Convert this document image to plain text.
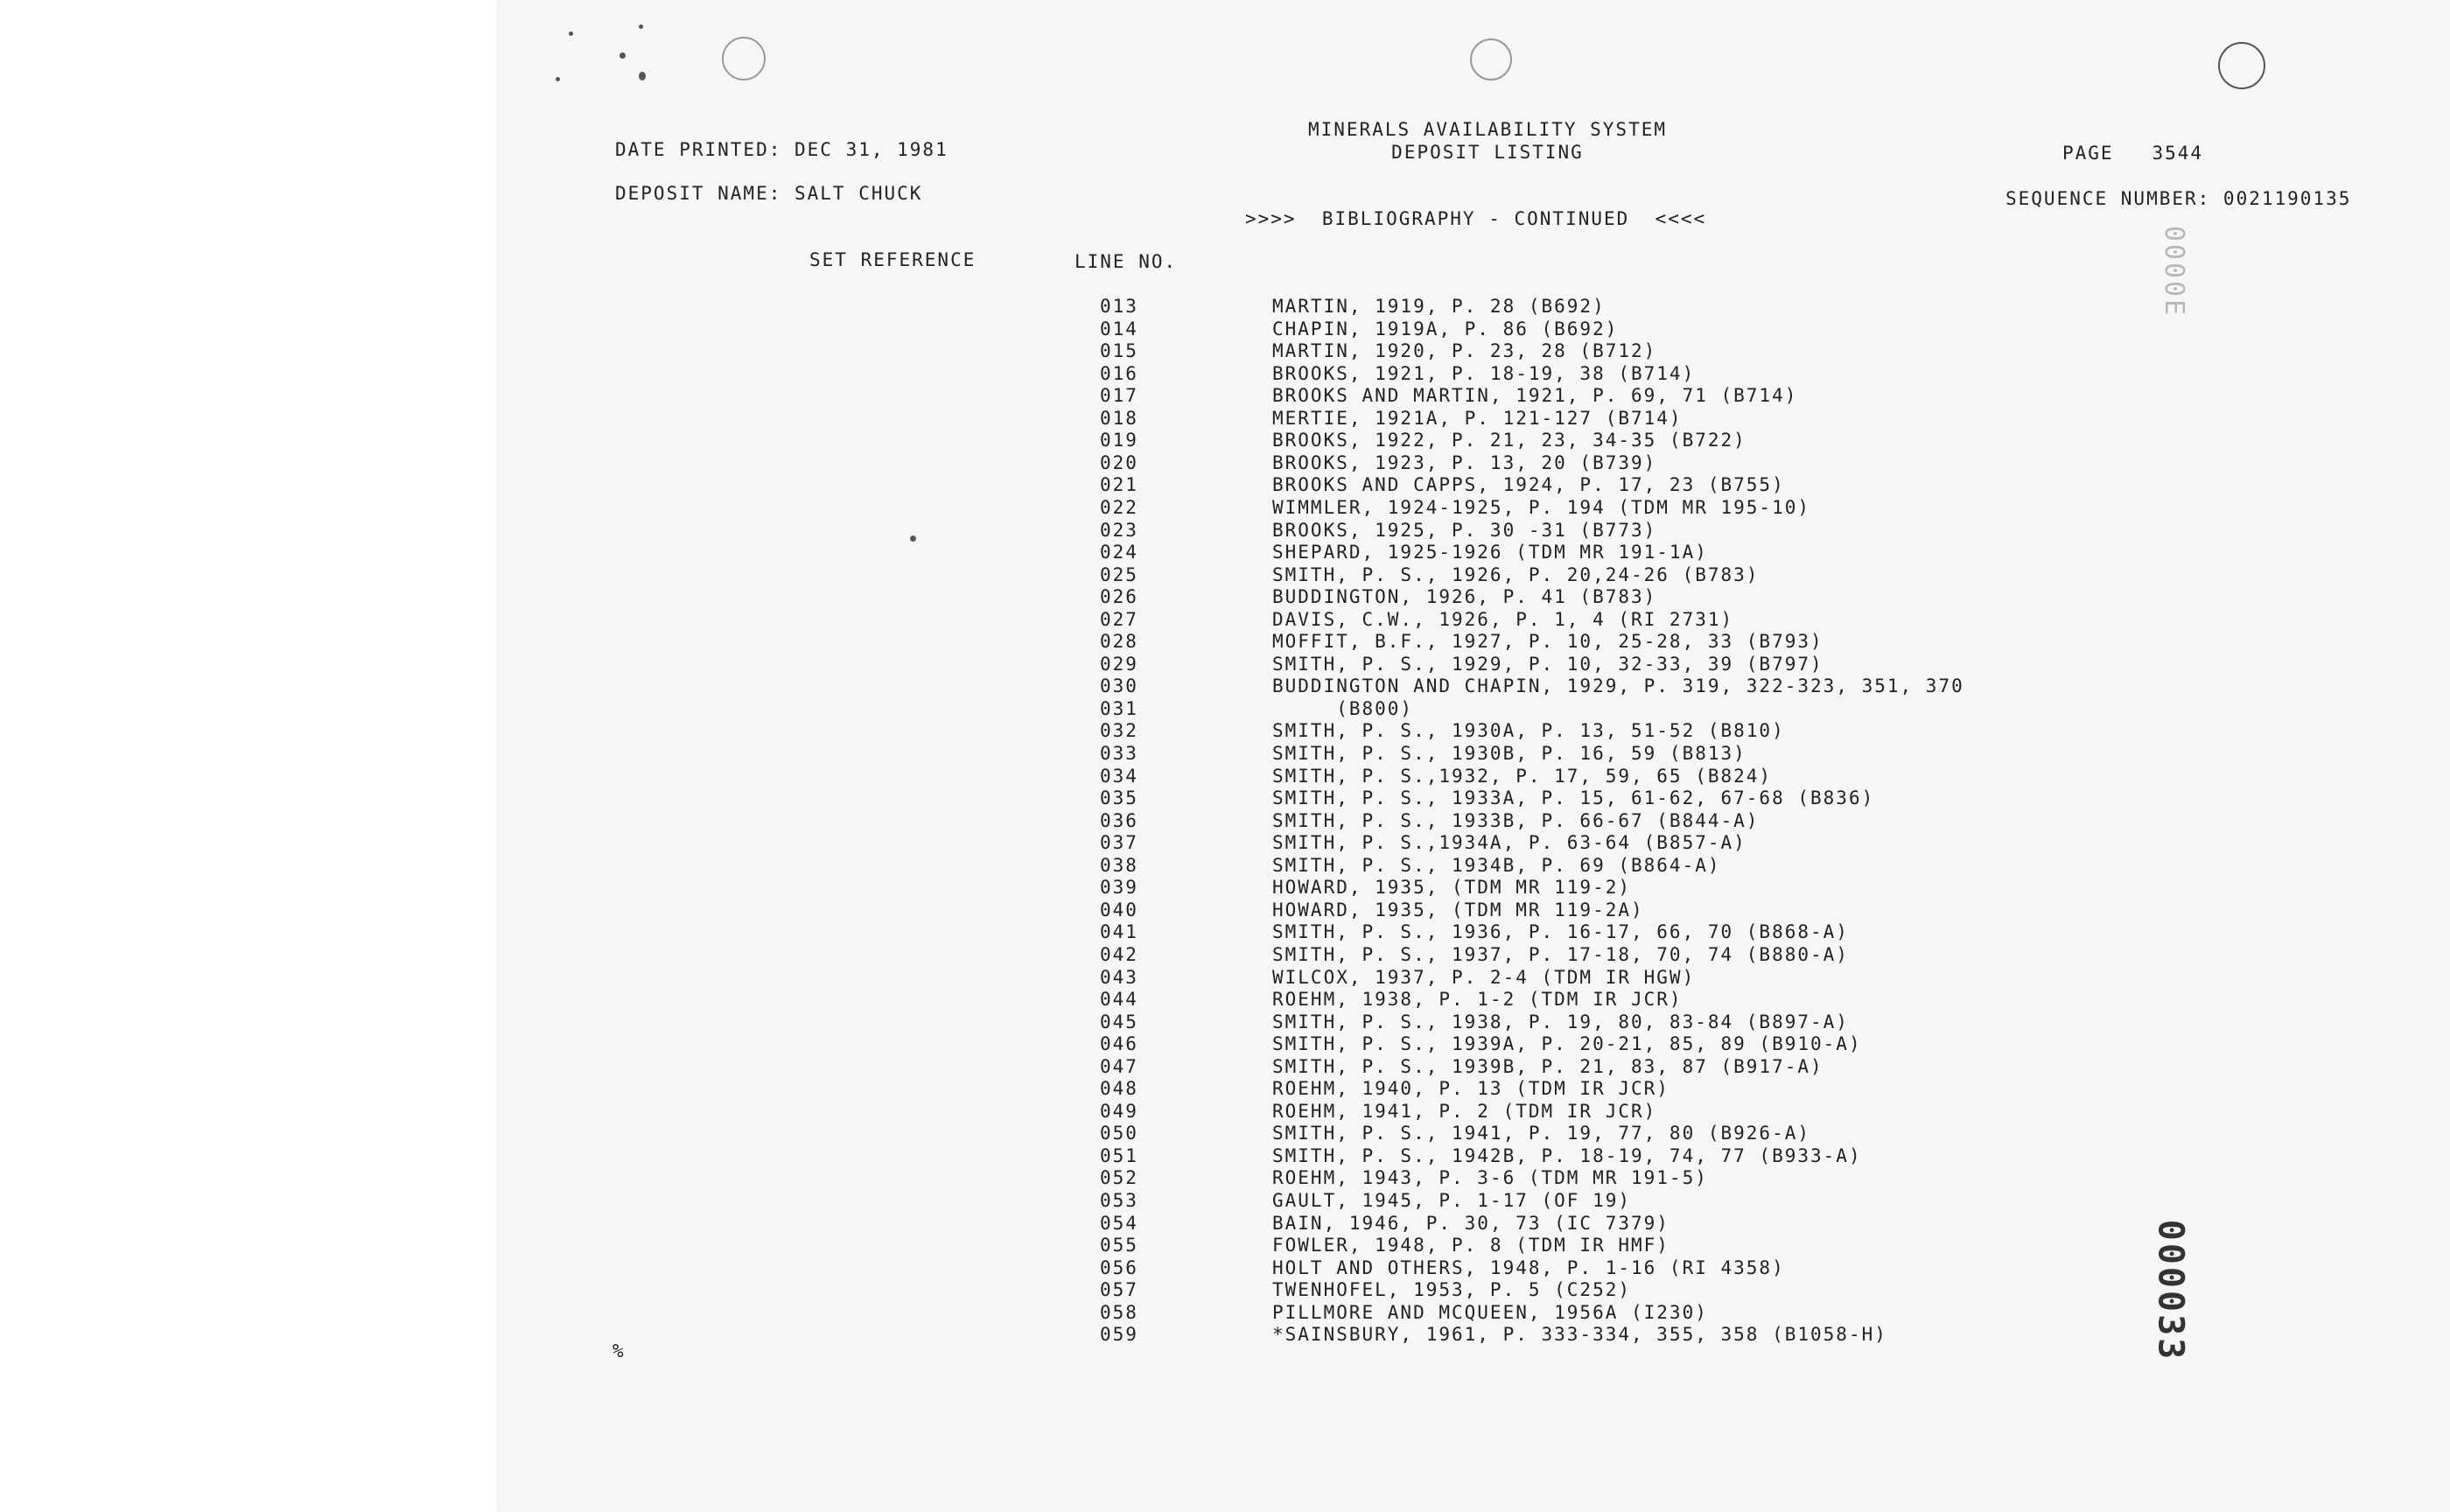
MINERALS AVAILABILITY SYSTEM
DEPOSIT LISTING
DATE PRINTED: DEC 31, 1981	PAGE   3544
DEPOSIT NAME: SALT CHUCK
>>>>  BIBLIOGRAPHY - CONTINUED  <<<<
SEQUENCE NUMBER: 0021190135
SET REFERENCE	LINE NO.
013	MARTIN, 1919, P. 28 (B692)
014	CHAPIN, 1919A, P. 86 (B692)
015	MARTIN, 1920, P. 23, 28 (B712)
016	BROOKS, 1921, P. 18-19, 38 (B714)
017	BROOKS AND MARTIN, 1921, P. 69, 71 (B714)
018	MERTIE, 1921A, P. 121-127 (B714)
019	BROOKS, 1922, P. 21, 23, 34-35 (B722)
020	BROOKS, 1923, P. 13, 20 (B739)
021	BROOKS AND CAPPS, 1924, P. 17, 23 (B755)
022	WIMMLER, 1924-1925, P. 194 (TDM MR 195-10)
023	BROOKS, 1925, P. 30 -31 (B773)
024	SHEPARD, 1925-1926 (TDM MR 191-1A)
025	SMITH, P. S., 1926, P. 20,24-26 (B783)
026	BUDDINGTON, 1926, P. 41 (B783)
027	DAVIS, C.W., 1926, P. 1, 4 (RI 2731)
028	MOFFIT, B.F., 1927, P. 10, 25-28, 33 (B793)
029	SMITH, P. S., 1929, P. 10, 32-33, 39 (B797)
030	BUDDINGTON AND CHAPIN, 1929, P. 319, 322-323, 351, 370
031	(B800)
032	SMITH, P. S., 1930A, P. 13, 51-52 (B810)
033	SMITH, P. S., 1930B, P. 16, 59 (B813)
034	SMITH, P. S.,1932, P. 17, 59, 65 (B824)
035	SMITH, P. S., 1933A, P. 15, 61-62, 67-68 (B836)
036	SMITH, P. S., 1933B, P. 66-67 (B844-A)
037	SMITH, P. S.,1934A, P. 63-64 (B857-A)
038	SMITH, P. S., 1934B, P. 69 (B864-A)
039	HOWARD, 1935, (TDM MR 119-2)
040	HOWARD, 1935, (TDM MR 119-2A)
041	SMITH, P. S., 1936, P. 16-17, 66, 70 (B868-A)
042	SMITH, P. S., 1937, P. 17-18, 70, 74 (B880-A)
043	WILCOX, 1937, P. 2-4 (TDM IR HGW)
044	ROEHM, 1938, P. 1-2 (TDM IR JCR)
045	SMITH, P. S., 1938, P. 19, 80, 83-84 (B897-A)
046	SMITH, P. S., 1939A, P. 20-21, 85, 89 (B910-A)
047	SMITH, P. S., 1939B, P. 21, 83, 87 (B917-A)
048	ROEHM, 1940, P. 13 (TDM IR JCR)
049	ROEHM, 1941, P. 2 (TDM IR JCR)
050	SMITH, P. S., 1941, P. 19, 77, 80 (B926-A)
051	SMITH, P. S., 1942B, P. 18-19, 74, 77 (B933-A)
052	ROEHM, 1943, P. 3-6 (TDM MR 191-5)
053	GAULT, 1945, P. 1-17 (OF 19)
054	BAIN, 1946, P. 30, 73 (IC 7379)
055	FOWLER, 1948, P. 8 (TDM IR HMF)
056	HOLT AND OTHERS, 1948, P. 1-16 (RI 4358)
057	TWENHOFEL, 1953, P. 5 (C252)
058	PILLMORE AND MCQUEEN, 1956A (I230)
059	*SAINSBURY, 1961, P. 333-334, 355, 358 (B1058-H)
%	000033
0000E
